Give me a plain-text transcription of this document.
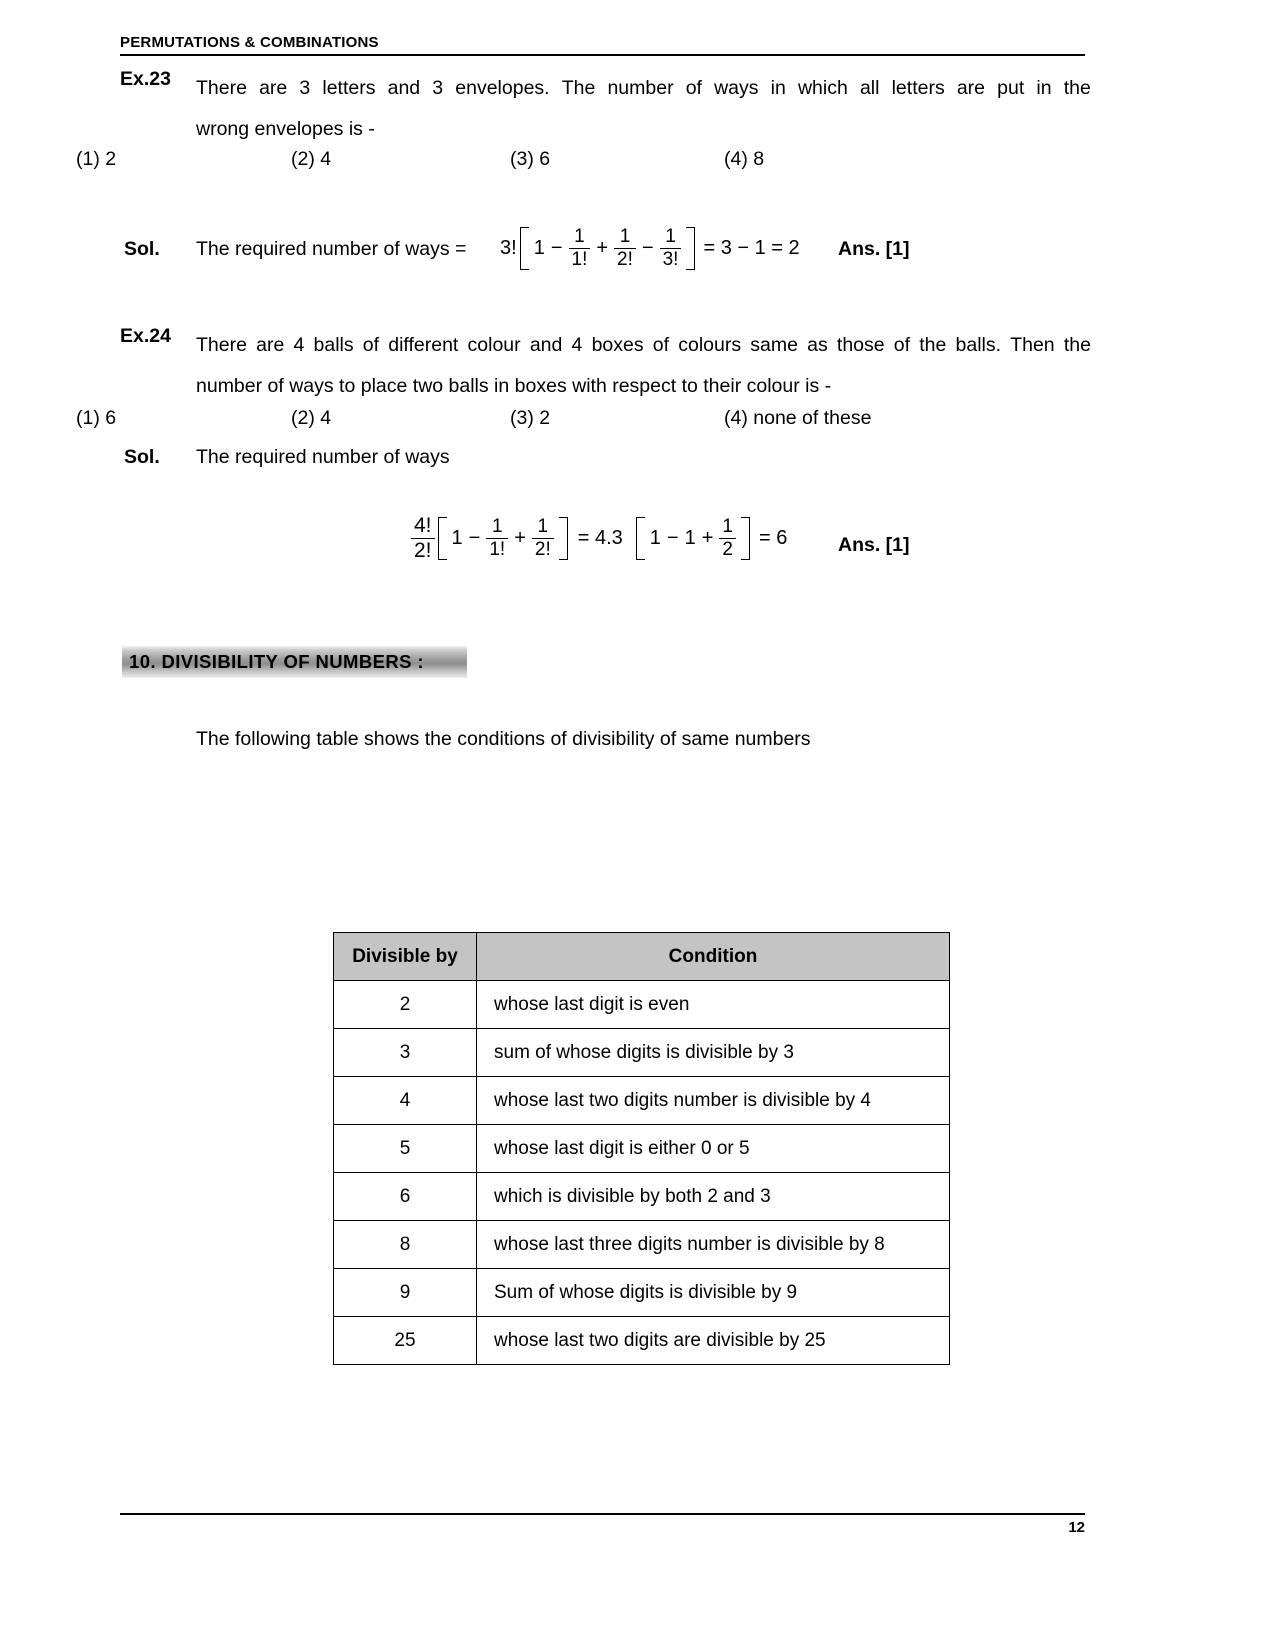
PERMUTATIONS & COMBINATIONS
Ex.23 There are 3 letters and 3 envelopes. The number of ways in which all letters are put in the
wrong envelopes is -
(1) 2	(2) 4	(3) 6	(4) 8
Sol. The required number of ways = 3! $1 - \frac{1}{1!} + \frac{1}{2!} - \frac{1}{3!}$	= 3 − 1 = 2 Ans. [1]
Ex.24 There are 4 balls of different colour and 4 boxes of colours same as those of the balls. Then the
number of ways to place two balls in boxes with respect to their colour is -
(1) 6	(2) 4	(3) 2	(4) none of these
Sol. The required number of ways
$\frac{4!}{2!} 1 - \frac{1}{1!} + \frac{1}{2!}$	= 4.3 $1 - 1 + \frac{1}{2}$	= 6	Ans. [1]
10. DIVISIBILITY OF NUMBERS :
The following table shows the conditions of divisibility of same numbers
Divisible by	Condition
2	whose last digit is even
3	sum of whose digits is divisible by 3
4	whose last two digits number is divisible by 4
5	whose last digit is either 0 or 5
6	which is divisible by both 2 and 3
8	whose last three digits number is divisible by 8
9	Sum of whose digits is divisible by 9
25	whose last two digits are divisible by 25
12
